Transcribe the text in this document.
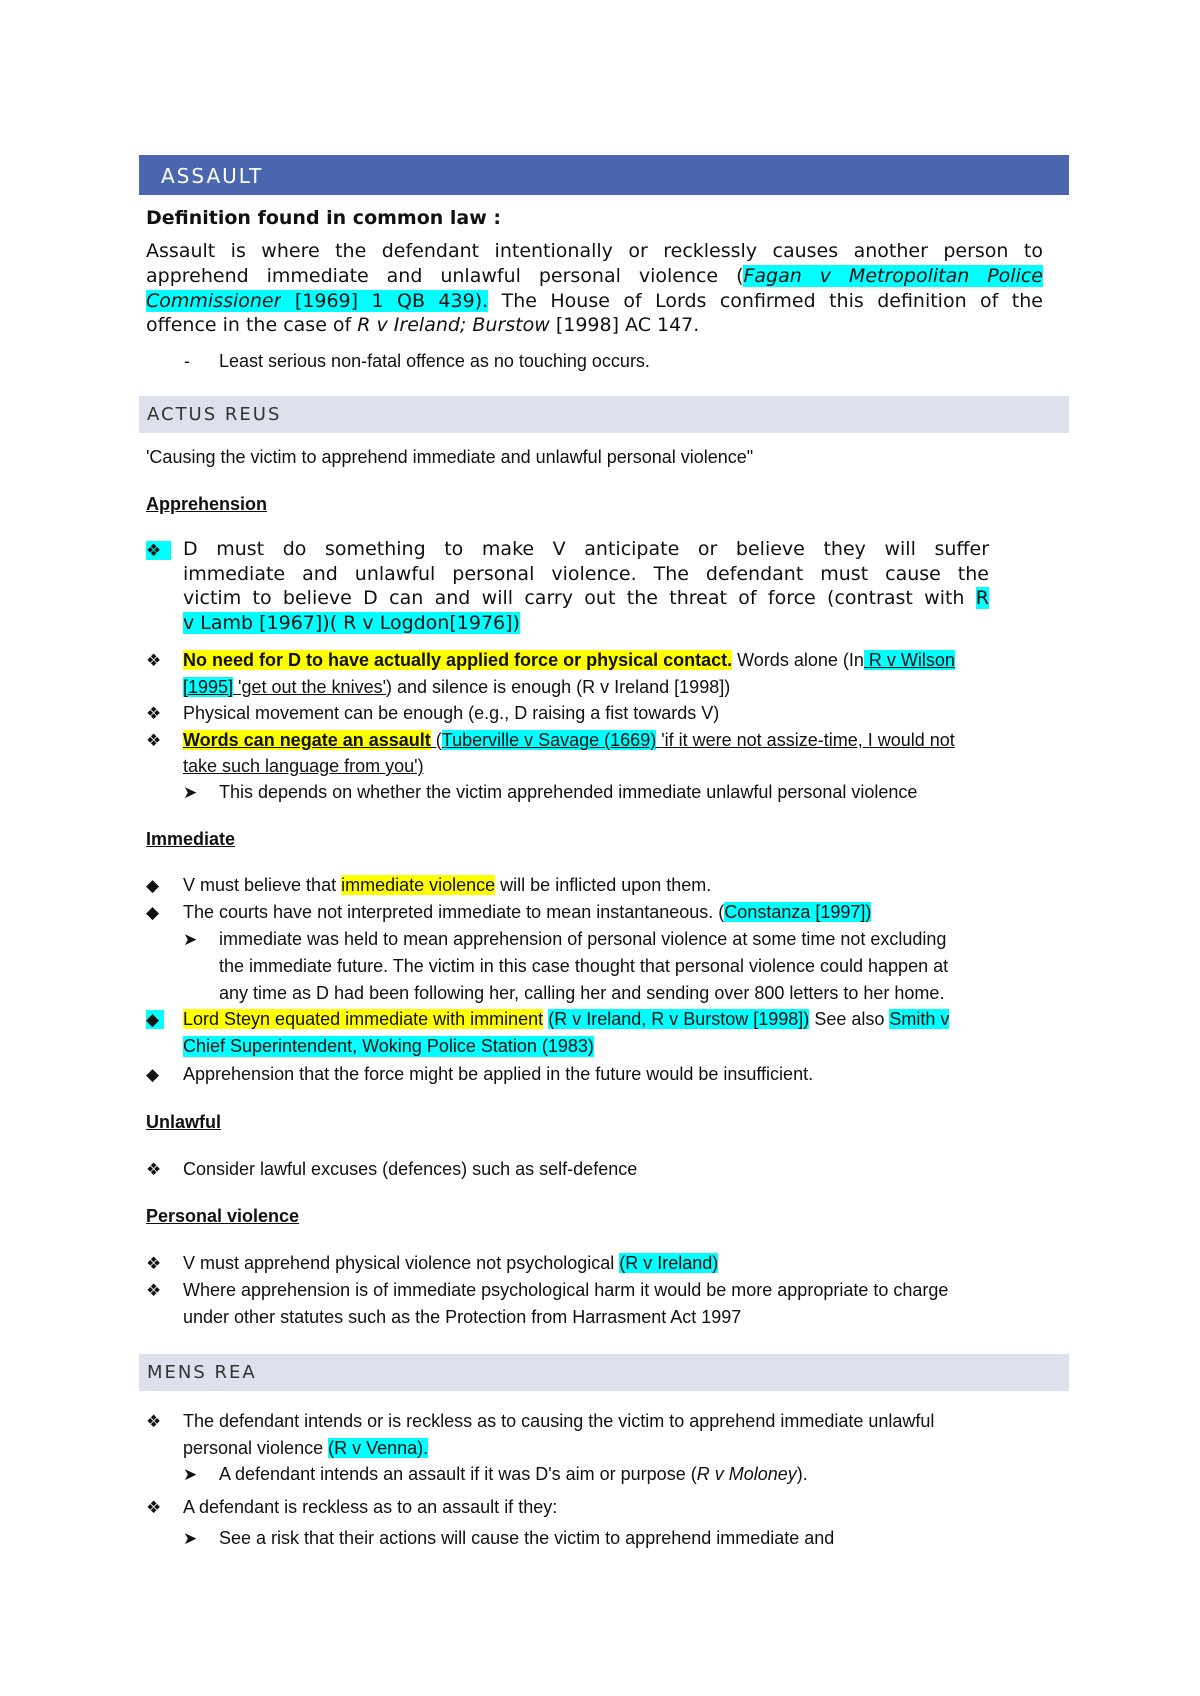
ASSAULT
Definition found in common law :
Assault is where the defendant intentionally or recklessly causes another person to
apprehend immediate and unlawful personal violence (Fagan v Metropolitan Police
Commissioner [1969] 1 QB 439). The House of Lords confirmed this definition of the
offence in the case of R v Ireland; Burstow [1998] AC 147.
- Least serious non-fatal offence as no touching occurs.
ACTUS REUS
'Causing the victim to apprehend immediate and unlawful personal violence"
Apprehension
❖ D must do something to make V anticipate or believe they will suffer
immediate and unlawful personal violence. The defendant must cause the
victim to believe D can and will carry out the threat of force (contrast with R
v Lamb [1967])( R v Logdon[1976])
❖ No need for D to have actually applied force or physical contact. Words alone (In R v Wilson
[1995] 'get out the knives') and silence is enough (R v Ireland [1998])
❖ Physical movement can be enough (e.g., D raising a fist towards V)
❖ Words can negate an assault (Tuberville v Savage (1669) 'if it were not assize-time, I would not
take such language from you')
➤ This depends on whether the victim apprehended immediate unlawful personal violence
Immediate
◆ V must believe that immediate violence will be inflicted upon them.
◆ The courts have not interpreted immediate to mean instantaneous. (Constanza [1997])
➤ immediate was held to mean apprehension of personal violence at some time not excluding
the immediate future. The victim in this case thought that personal violence could happen at
any time as D had been following her, calling her and sending over 800 letters to her home.
◆ Lord Steyn equated immediate with imminent (R v Ireland, R v Burstow [1998]) See also Smith v
Chief Superintendent, Woking Police Station (1983)
◆ Apprehension that the force might be applied in the future would be insufficient.
Unlawful
❖ Consider lawful excuses (defences) such as self-defence
Personal violence
❖ V must apprehend physical violence not psychological (R v Ireland)
❖ Where apprehension is of immediate psychological harm it would be more appropriate to charge
under other statutes such as the Protection from Harrasment Act 1997
MENS REA
❖ The defendant intends or is reckless as to causing the victim to apprehend immediate unlawful
personal violence (R v Venna).
➤ A defendant intends an assault if it was D's aim or purpose (R v Moloney).
❖ A defendant is reckless as to an assault if they:
➤ See a risk that their actions will cause the victim to apprehend immediate and
